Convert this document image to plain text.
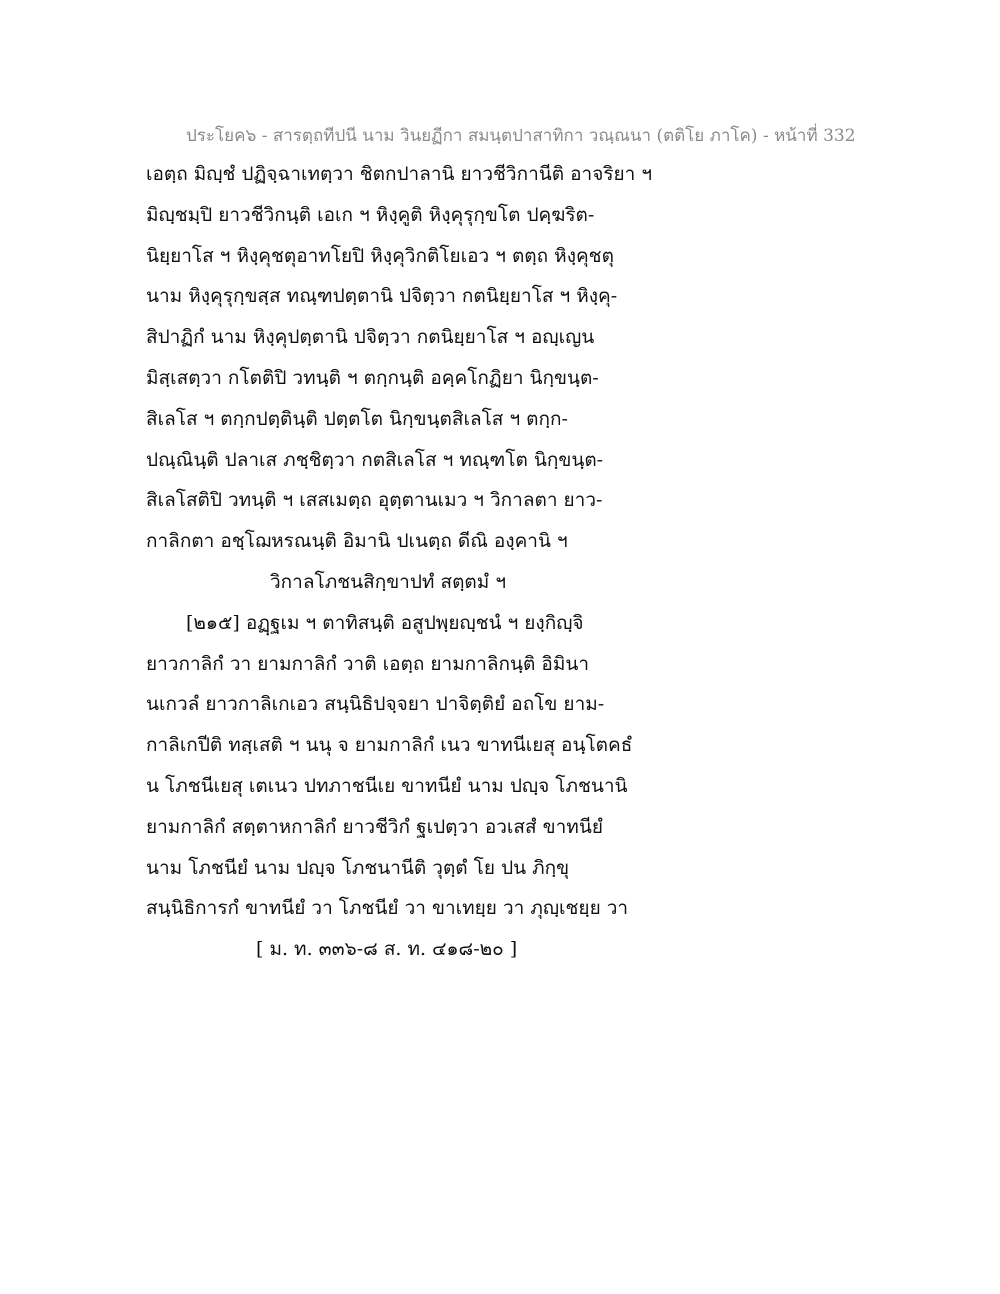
ประโยค๖ - สารตฺถทีปนี นาม วินยฏีกา สมนฺตปาสาทิกา วณฺณนา (ตติโย ภาโค) - หน้าที่ 332
เอตฺถ มิญฺชํ ปฏิจฺฉาเทตฺวา ชิตกปาลานิ ยาวชีวิกานีติ อาจริยา ฯ
มิญฺชมฺปิ ยาวชีวิกนฺติ เอเก ฯ หิงฺคูติ หิงฺคุรุกฺขโต ปคฺฆริต-
นิยฺยาโส ฯ หิงฺคุชตุอาทโยปิ หิงฺคุวิกติโยเอว ฯ ตตฺถ หิงฺคุชตุ
นาม หิงฺคุรุกฺขสฺส ทณฺฑปตฺตานิ ปจิตฺวา กตนิยฺยาโส ฯ หิงฺคุ-
สิปาฏิกํ นาม หิงฺคุปตฺตานิ ปจิตฺวา กตนิยฺยาโส ฯ อญฺเญน
มิสฺเสตฺวา กโตติปิ วทนฺติ ฯ ตกฺกนฺติ อคฺคโกฏิยา นิกฺขนฺต-
สิเลโส ฯ ตกฺกปตฺตินฺติ ปตฺตโต นิกฺขนฺตสิเลโส ฯ ตกฺก-
ปณฺณินฺติ ปลาเส ภชฺชิตฺวา กตสิเลโส ฯ ทณฺฑโต นิกฺขนฺต-
สิเลโสติปิ วทนฺติ ฯ เสสเมตฺถ อุตฺตานเมว ฯ วิกาลตา ยาว-
กาลิกตา อชฺโฌหรณนฺติ อิมานิ ปเนตฺถ ดีณิ องฺคานิ ฯ
วิกาลโภชนสิกฺขาปทํ สตฺตมํ ฯ
[๒๑๕] อฏฺฐเม ฯ ตาทิสนฺติ อสูปพฺยญฺชนํ ฯ ยงฺกิญฺจิ
ยาวกาลิกํ วา ยามกาลิกํ วาติ เอตฺถ ยามกาลิกนฺติ อิมินา
นเกวลํ ยาวกาลิเกเอว สนฺนิธิปจฺจยา ปาจิตฺติยํ อถโข ยาม-
กาลิเกปีติ ทสฺเสติ ฯ นนุ จ ยามกาลิกํ เนว ขาทนีเยสุ อนฺโตคธํ
น โภชนีเยสุ เตเนว ปทภาชนีเย ขาทนียํ นาม ปญฺจ โภชนานิ
ยามกาลิกํ สตฺตาหกาลิกํ ยาวชีวิกํ ฐเปตฺวา อวเสสํ ขาทนียํ
นาม โภชนียํ นาม ปญฺจ โภชนานีติ วุตฺตํ โย ปน ภิกฺขุ
สนฺนิธิการกํ ขาทนียํ วา โภชนียํ วา ขาเทยฺย วา ภุญฺเชยฺย วา
[ ม. ท. ๓๓๖-๘ ส. ท. ๔๑๘-๒๐ ]
